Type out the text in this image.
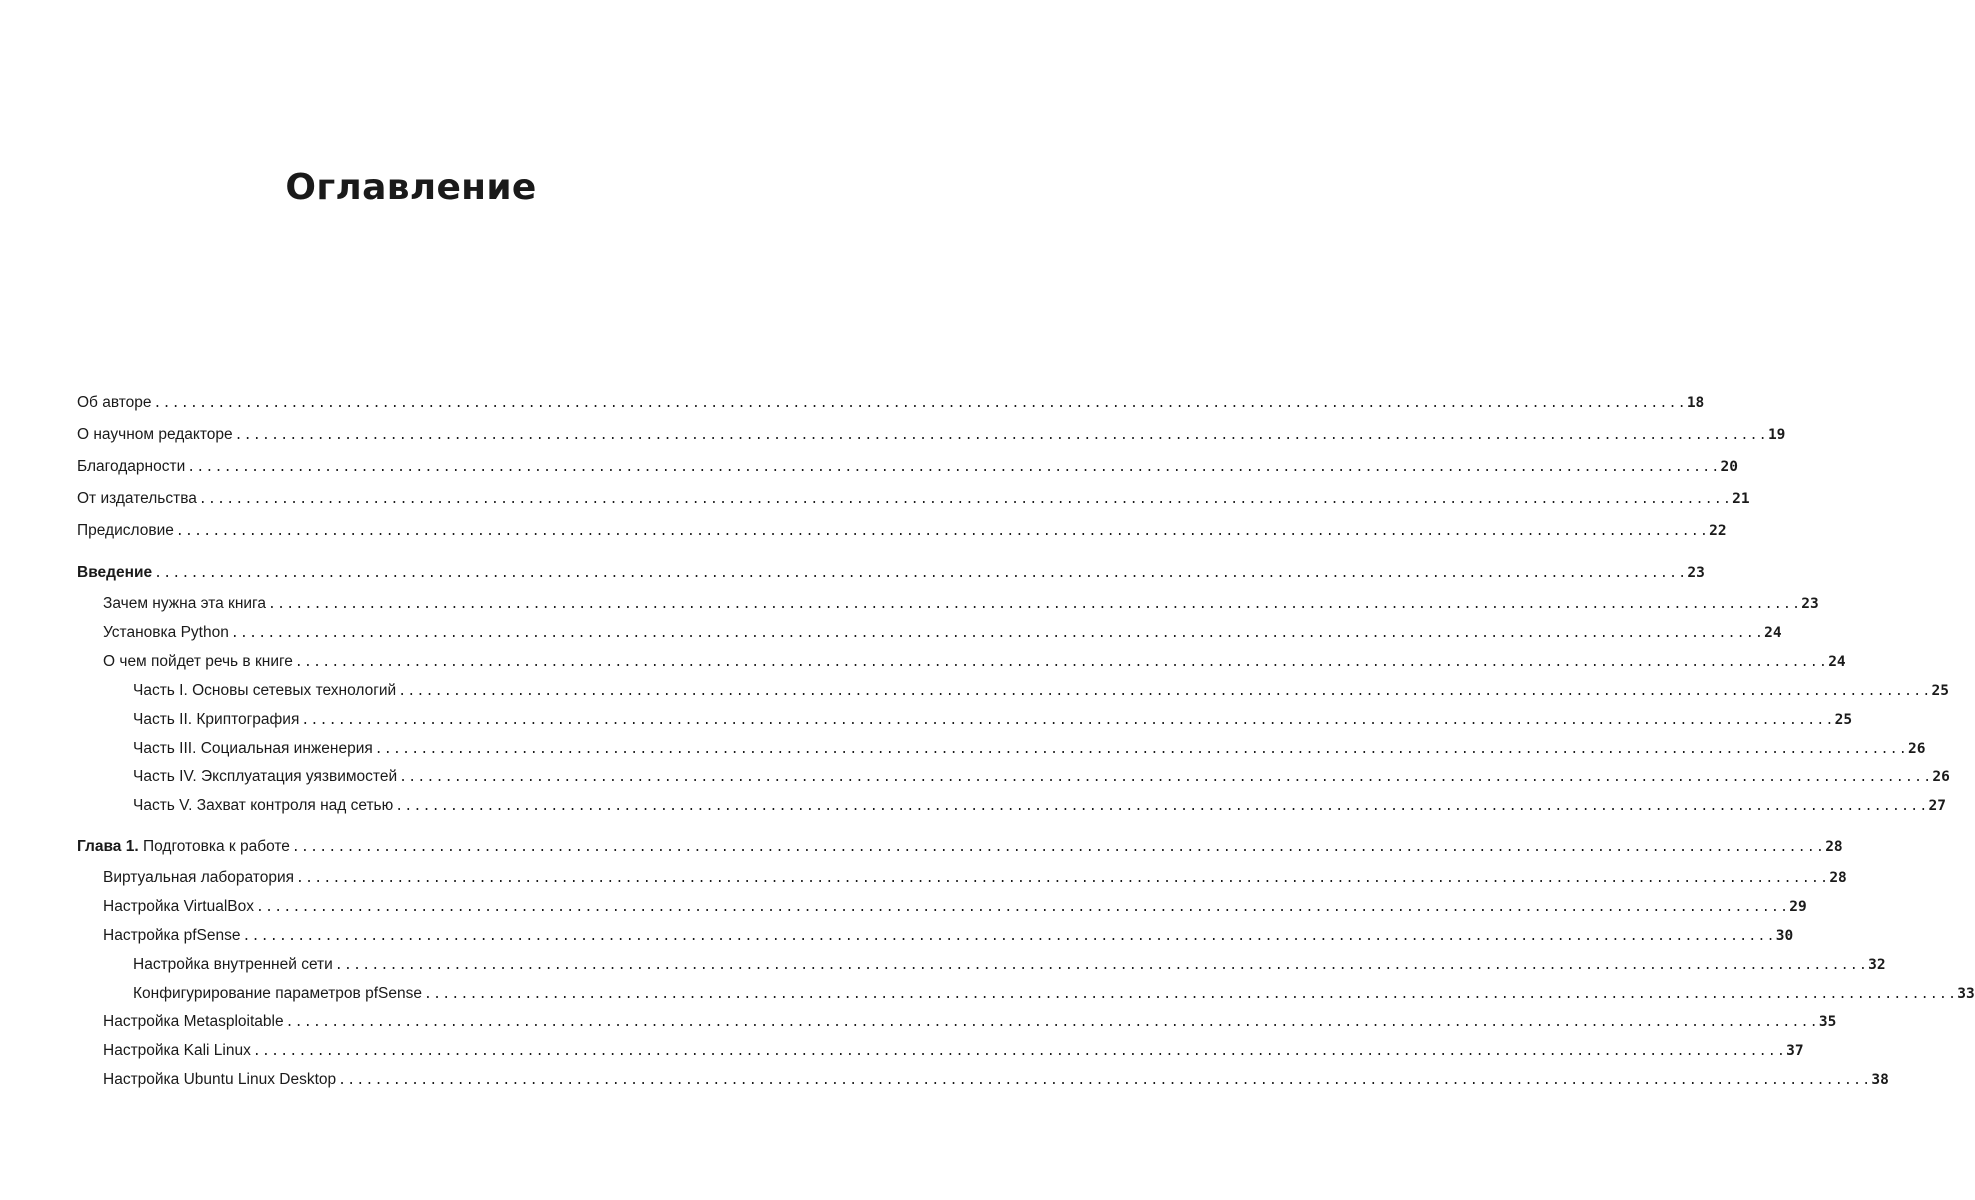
Оглавление
Об авторе ........................................................................................................................................................................ 18
О научном редакторе ........................................................................................................................................................................ 19
Благодарности ........................................................................................................................................................................ 20
От издательства ........................................................................................................................................................................ 21
Предисловие ........................................................................................................................................................................ 22
Введение ........................................................................................................................................................................ 23
Зачем нужна эта книга ........................................................................................................................................................................ 23
Установка Python ........................................................................................................................................................................ 24
О чем пойдет речь в книге ........................................................................................................................................................................ 24
Часть I. Основы сетевых технологий ........................................................................................................................................................................ 25
Часть II. Криптография ........................................................................................................................................................................ 25
Часть III. Социальная инженерия ........................................................................................................................................................................ 26
Часть IV. Эксплуатация уязвимостей ........................................................................................................................................................................ 26
Часть V. Захват контроля над сетью ........................................................................................................................................................................ 27
Глава 1. Подготовка к работе ........................................................................................................................................................................ 28
Виртуальная лаборатория ........................................................................................................................................................................ 28
Настройка VirtualBox ........................................................................................................................................................................ 29
Настройка pfSense ........................................................................................................................................................................ 30
Настройка внутренней сети ........................................................................................................................................................................ 32
Конфигурирование параметров pfSense ........................................................................................................................................................................ 33
Настройка Metasploitable ........................................................................................................................................................................ 35
Настройка Kali Linux ........................................................................................................................................................................ 37
Настройка Ubuntu Linux Desktop ........................................................................................................................................................................ 38
